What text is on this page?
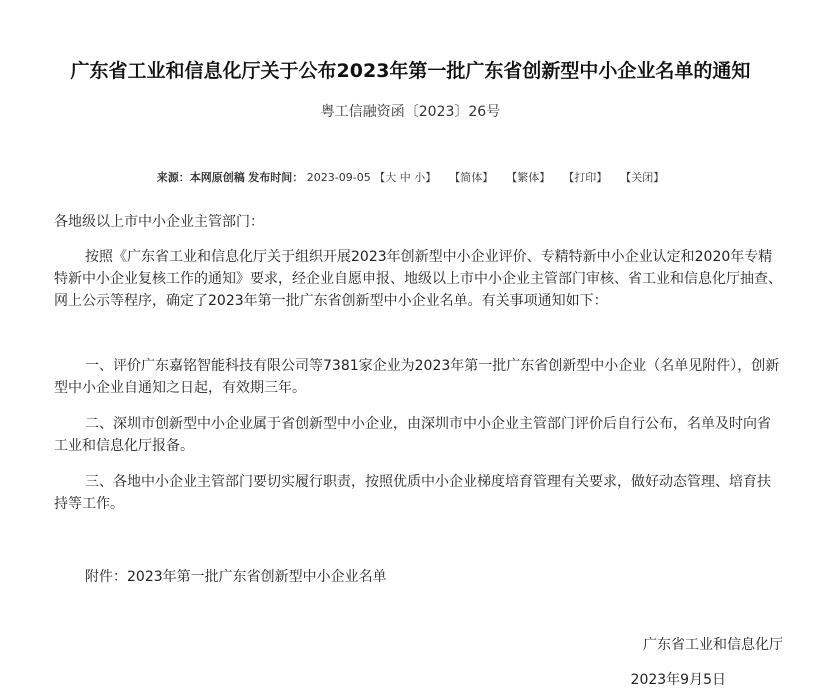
广东省工业和信息化厅关于公布2023年第一批广东省创新型中小企业名单的通知
粤工信融资函〔2023〕26号
来源：本网原创稿 发布时间： 2023-09-05 【大 中 小】 【简体】 【繁体】 【打印】 【关闭】

各地级以上市中小企业主管部门：

按照《广东省工业和信息化厅关于组织开展2023年创新型中小企业评价、专精特新中小企业认定和2020年专精特新中小企业复核工作的通知》要求，经企业自愿申报、地级以上市中小企业主管部门审核、省工业和信息化厅抽查、网上公示等程序，确定了2023年第一批广东省创新型中小企业名单。有关事项通知如下：

一、评价广东嘉铭智能科技有限公司等7381家企业为2023年第一批广东省创新型中小企业（名单见附件），创新型中小企业自通知之日起，有效期三年。

二、深圳市创新型中小企业属于省创新型中小企业，由深圳市中小企业主管部门评价后自行公布，名单及时向省工业和信息化厅报备。

三、各地中小企业主管部门要切实履行职责，按照优质中小企业梯度培育管理有关要求，做好动态管理、培育扶持等工作。

附件：2023年第一批广东省创新型中小企业名单

广东省工业和信息化厅
2023年9月5日
